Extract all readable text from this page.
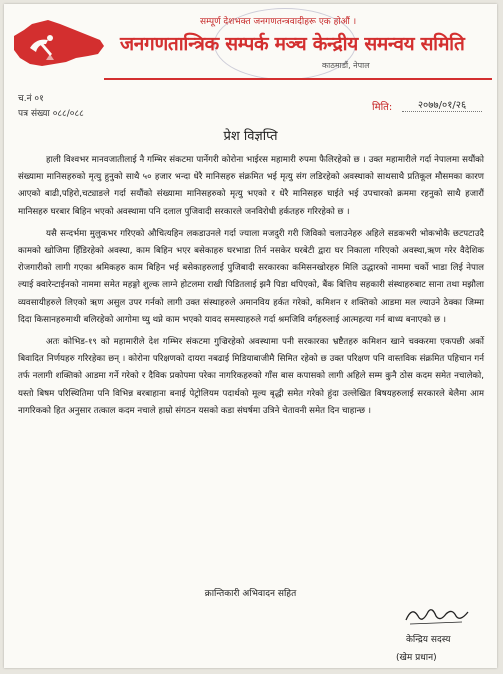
सम्पूर्ण देशभक्त जनगणतन्त्रवादीहरू एक होऔं ।
जनगणतान्त्रिक सम्पर्क मञ्च केन्द्रीय समन्वय समिति
काठमाडौं, नेपाल
च.नं ०१
पत्र संख्या ०८८/०८८
मिति:	२०७७/०१/२६
प्रेश विज्ञप्ति

हाली विश्वभर मानवजातीलाई नै गम्भिर संकटमा पार्नेगरी कोरोना भाईरस महामारी रुपमा फैलिरहेको छ । उक्त महामारीले गर्दा नेपालमा सयौंको संख्यामा मानिसहरुको मृत्यु हुनुको साथै ५० हजार भन्दा धेरै मानिसहरु संक्रमित भई मृत्यु संग लडिरहेको अवस्थाको साथसाथै प्रतिकूल मौसमका कारण आएको बाढी,पहिरो,चट्याङले गर्दा सयौंको संख्यामा मानिसहरुको मृत्यु भएको र धेरै मानिसहरु घाईते भई उपचारको क्रममा रहनुको साथै हजारौं मानिसहरु घरबार बिहिन भएको अवस्थामा पनि दलाल पुजिवादी सरकारले जनविरोधी हर्कतहरु गरिरहेको छ ।

यसै सन्दर्भमा मुलुकभर गरिएको औचित्यहिन लकडाउनले गर्दा ज्याला मजदुरी गरी जिविको चलाउनेहरु अहिले सडकभरी भोकभोकै छटपटाउदै कामको खोजिमा हिँडिरहेको अवस्था, काम बिहिन भएर बसेकाहरु घरभाडा तिर्न नसकेर घरबेटी द्वारा घर निकाला गरिएको अवस्था,ऋण गरेर वैदेशिक रोजगारीको लागी गएका श्रमिकहरु काम बिहिन भई बसेकाहरुलाई पुजिबादी सरकारका कमिसनखोरहरु मिलि उद्धारको नाममा चर्को भाडा लिई नेपाल ल्याई क्वारेन्टाईनको नाममा समेत महङ्गो शुल्क लाग्ने होटलमा राखी पिडितलाई झनै पिडा थपिएको, बैंक बित्तिय सहकारी संस्थाहरुबाट साना तथा मझौला व्यवसायीहरुले लिएको ऋण असुल उपर गर्नको लागी उक्त संस्थाहरुले अमानविय हर्कत गरेको, कमिशन र शक्तिको आडमा मल ल्याउने ठेक्का जिम्मा दिदा किसानहरुमाथी बलिरहेको आगोमा घ्यु थप्ने काम भएको यावद समस्याहरुले गर्दा श्रमजिवि वर्गहरुलाई आत्महत्या गर्न बाध्य बनाएको छ ।

अतः कोभिड-१९ को महामारीले देश गम्भिर संकटमा गुज्रिरहेको अवस्थामा पनी सरकारका भ्रष्टैतहरु कमिशन खाने चक्करमा एकपछी अर्को बिवादित निर्णयहरु गरिरहेका छन् । कोरोना परिक्षणको दायरा नबढाई मिडियाबाजीमै सिमित रहेको छ उक्त परिक्षण पनि वास्तविक संक्रमित पहिचान गर्न तर्फ नलागी शक्तिको आडमा गर्ने गरेको र दैविक प्रकोपमा परेका नागरिकहरुको गाँस बास कपासको लागी अहिले सम्म कुनै ठोस कदम समेत नचालेको, यस्तो बिषम परिस्थितिमा पनि विभिन्न बरबाहाना बनाई पेट्रोलियम पदार्थको मूल्य बृद्धी समेत गरेको हुंदा उल्लेखित बिषयहरुलाई सरकारले बेलैमा आम नागरिकको हित अनुसार तत्काल कदम नचाले हाम्रो संगठन यसको कडा संघर्षमा उत्रिने चेतावनी समेत दिन चाहान्छ ।

क्रान्तिकारी अभिवादन सहित
केन्द्रिय सदस्य
(खेम प्रधान)
